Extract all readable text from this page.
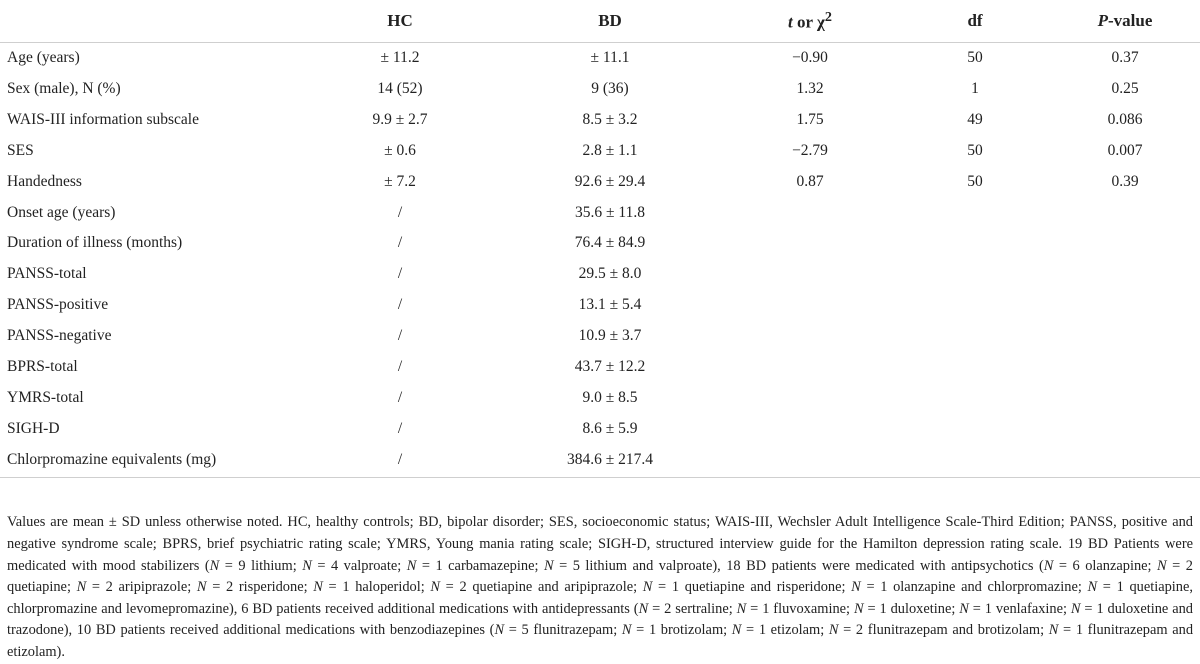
	HC	BD	t or $\chi^2$	df	P-value
Age (years)	± 11.2	± 11.1	−0.90	50	0.37
Sex (male), N (%)	14 (52)	9 (36)	1.32	1	0.25
WAIS-III information subscale	9.9 ± 2.7	8.5 ± 3.2	1.75	49	0.086
SES	± 0.6	2.8 ± 1.1	−2.79	50	0.007
Handedness	± 7.2	92.6 ± 29.4	0.87	50	0.39
Onset age (years)	/	35.6 ± 11.8			
Duration of illness (months)	/	76.4 ± 84.9			
PANSS-total	/	29.5 ± 8.0			
PANSS-positive	/	13.1 ± 5.4			
PANSS-negative	/	10.9 ± 3.7			
BPRS-total	/	43.7 ± 12.2			
YMRS-total	/	9.0 ± 8.5			
SIGH-D	/	8.6 ± 5.9			
Chlorpromazine equivalents (mg)	/	384.6 ± 217.4			

Values are mean ± SD unless otherwise noted. HC, healthy controls; BD, bipolar disorder; SES, socioeconomic status; WAIS-III, Wechsler Adult Intelligence Scale-Third Edition; PANSS, positive and negative syndrome scale; BPRS, brief psychiatric rating scale; YMRS, Young mania rating scale; SIGH-D, structured interview guide for the Hamilton depression rating scale. 19 BD Patients were medicated with mood stabilizers (N = 9 lithium; N = 4 valproate; N = 1 carbamazepine; N = 5 lithium and valproate), 18 BD patients were medicated with antipsychotics (N = 6 olanzapine; N = 2 quetiapine; N = 2 aripiprazole; N = 2 risperidone; N = 1 haloperidol; N = 2 quetiapine and aripiprazole; N = 1 quetiapine and risperidone; N = 1 olanzapine and chlorpromazine; N = 1 quetiapine, chlorpromazine and levomepromazine), 6 BD patients received additional medications with antidepressants (N = 2 sertraline; N = 1 fluvoxamine; N = 1 duloxetine; N = 1 venlafaxine; N = 1 duloxetine and trazodone), 10 BD patients received additional medications with benzodiazepines (N = 5 flunitrazepam; N = 1 brotizolam; N = 1 etizolam; N = 2 flunitrazepam and brotizolam; N = 1 flunitrazepam and etizolam).
